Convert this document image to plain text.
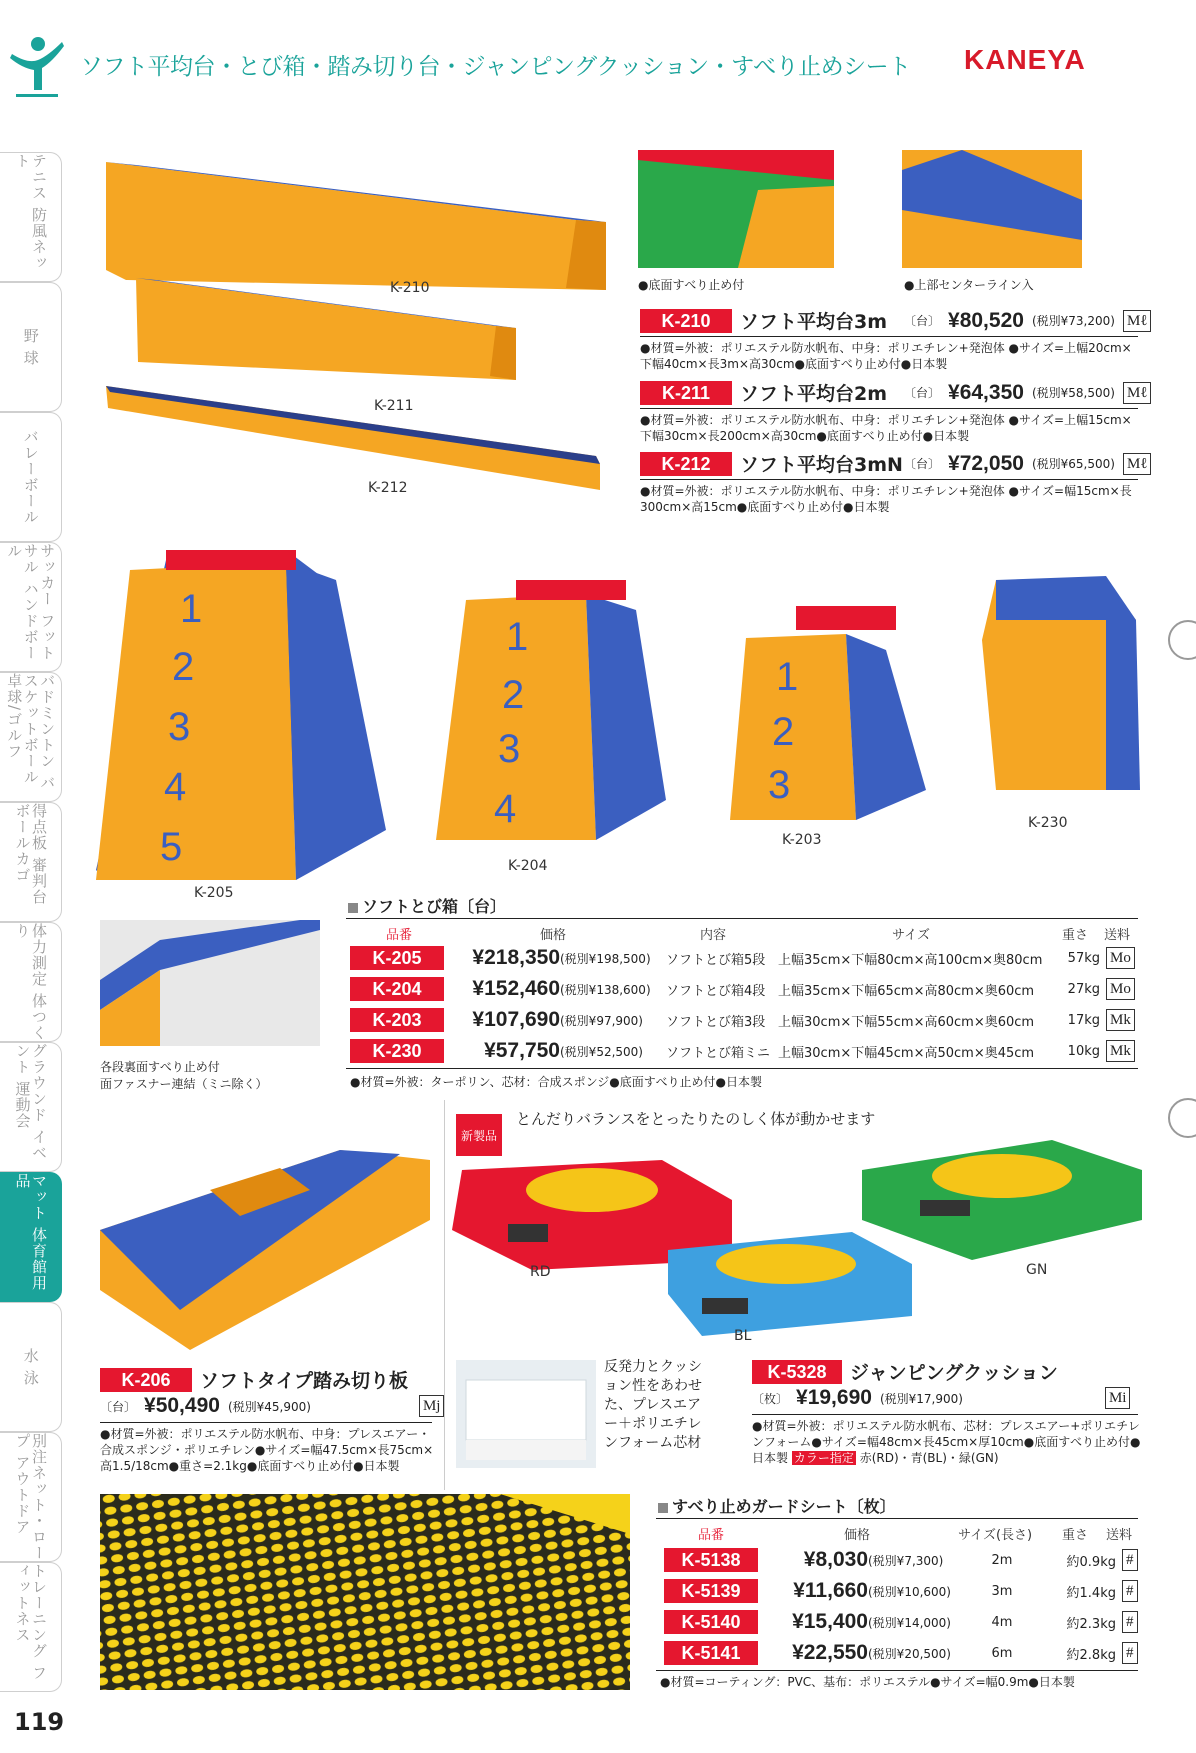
ソフト平均台・とび箱・踏み切り台・ジャンピングクッション・すべり止めシート KANEYA
テニス 防風ネット
野 球
バレーボール
サッカー フットサル ハンドボール
バドミントン バスケットボール 卓球/ゴルフ
得点板 審判台 ボールカゴ
体力測定 体つくり
グラウンド イベント 運動会
マット 体育館用品
水 泳
別注ネット・ロープ アウトドア
トレーニング フィットネス
K-210
K-211
K-212
●底面すべり止め付	●上部センターライン入
K-210	ソフト平均台3m	〔台〕 ¥80,520 (税別¥73,200) Mℓ
●材質=外被：ポリエステル防水帆布、中身：ポリエチレン+発泡体 ●サイズ=上幅20cm×下幅40cm×長3m×高30cm●底面すべり止め付●日本製
K-211	ソフト平均台2m	〔台〕 ¥64,350 (税別¥58,500) Mℓ
●材質=外被：ポリエステル防水帆布、中身：ポリエチレン+発泡体 ●サイズ=上幅15cm×下幅30cm×長200cm×高30cm●底面すべり止め付●日本製
K-212	ソフト平均台3mN 〔台〕 ¥72,050 (税別¥65,500) Mℓ
●材質=外被：ポリエステル防水帆布、中身：ポリエチレン+発泡体 ●サイズ=幅15cm×長300cm×高15cm●底面すべり止め付●日本製
1
2
3
4
5
1
2
3
4
1
2
3
K-205
K-204
K-203
K-230
各段裏面すべり止め付
面ファスナー連結（ミニ除く）
ソフトとび箱〔台〕
品番	価格	内容	サイズ	重さ 送料
K-205	¥218,350 (税別¥198,500)	ソフトとび箱5段 上幅35cm×下幅80cm×高100cm×奥80cm	57kg Mo
K-204	¥152,460 (税別¥138,600)	ソフトとび箱4段 上幅35cm×下幅65cm×高80cm×奥60cm	27kg Mo
K-203	¥107,690 (税別¥97,900)	ソフトとび箱3段 上幅30cm×下幅55cm×高60cm×奥60cm	17kg Mk
K-230	¥57,750 (税別¥52,500)	ソフトとび箱ミニ 上幅30cm×下幅45cm×高50cm×奥45cm	10kg Mk
●材質=外被：ターポリン、芯材：合成スポンジ●底面すべり止め付●日本製
K-206	ソフトタイプ踏み切り板
〔台〕 ¥50,490 (税別¥45,900)	Mj
●材質=外被：ポリエステル防水帆布、中身：プレスエアー・合成スポンジ・ポリエチレン●サイズ=幅47.5cm×長75cm×高1.5/18cm●重さ=2.1kg●底面すべり止め付●日本製
新製品
とんだりバランスをとったりたのしく体が動かせます
RD
BL
GN
反発力とクッション性をあわせた、プレスエアー＋ポリエチレンフォーム芯材
K-5328	ジャンピングクッション
〔枚〕 ¥19,690 (税別¥17,900)	Mi
●材質=外被：ポリエステル防水帆布、芯材：プレスエアー+ポリエチレンフォーム●サイズ=幅48cm×長45cm×厚10cm●底面すべり止め付●日本製 カラー指定 赤(RD)・青(BL)・緑(GN)
すべり止めガードシート〔枚〕
品番	価格	サイズ(長さ) 重さ 送料
K-5138	¥8,030 (税別¥7,300)	2m	約0.9kg #
K-5139	¥11,660 (税別¥10,600)	3m	約1.4kg #
K-5140	¥15,400 (税別¥14,000)	4m	約2.3kg #
K-5141	¥22,550 (税別¥20,500)	6m	約2.8kg #
●材質=コーティング：PVC、基布：ポリエステル●サイズ=幅0.9m●日本製
119
